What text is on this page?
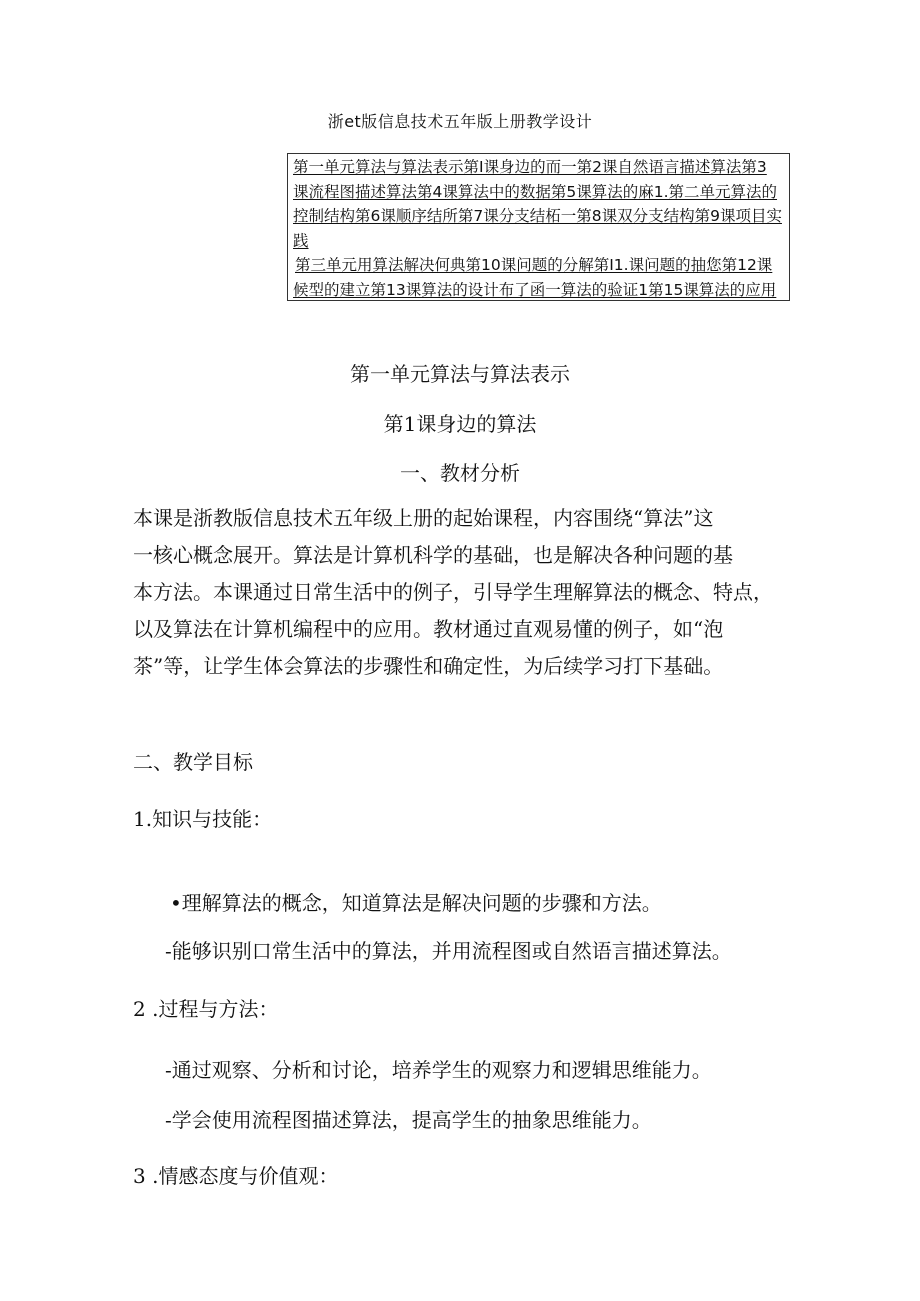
浙et版信息技术五年版上册教学设计
第一单元算法与算法表示第I课身边的而一第2课自然语言描述算法第3
课流程图描述算法第4课算法中的数据第5课算法的麻1.第二单元算法的
控制结构第6课顺序结所第7课分支结柘一第8课双分支结构第9课项目实
践
第三单元用算法解决何典第10课问题的分解第I1.课问题的抽您第12课
候型的建立第13课算法的设计布了函一算法的验证1第15课算法的应用
第一单元算法与算法表示
第1课身边的算法
一、教材分析
本课是浙教版信息技术五年级上册的起始课程，内容围绕“算法”这
一核心概念展开。算法是计算机科学的基础，也是解决各种问题的基
本方法。本课通过日常生活中的例子，引导学生理解算法的概念、特点，
以及算法在计算机编程中的应用。教材通过直观易懂的例子，如“泡
茶”等，让学生体会算法的步骤性和确定性，为后续学习打下基础。
二、教学目标
1.知识与技能：
•理解算法的概念，知道算法是解决问题的步骤和方法。
-能够识别口常生活中的算法，并用流程图或自然语言描述算法。
2 .过程与方法：
-通过观察、分析和讨论，培养学生的观察力和逻辑思维能力。
-学会使用流程图描述算法，提高学生的抽象思维能力。
3 .情感态度与价值观：
